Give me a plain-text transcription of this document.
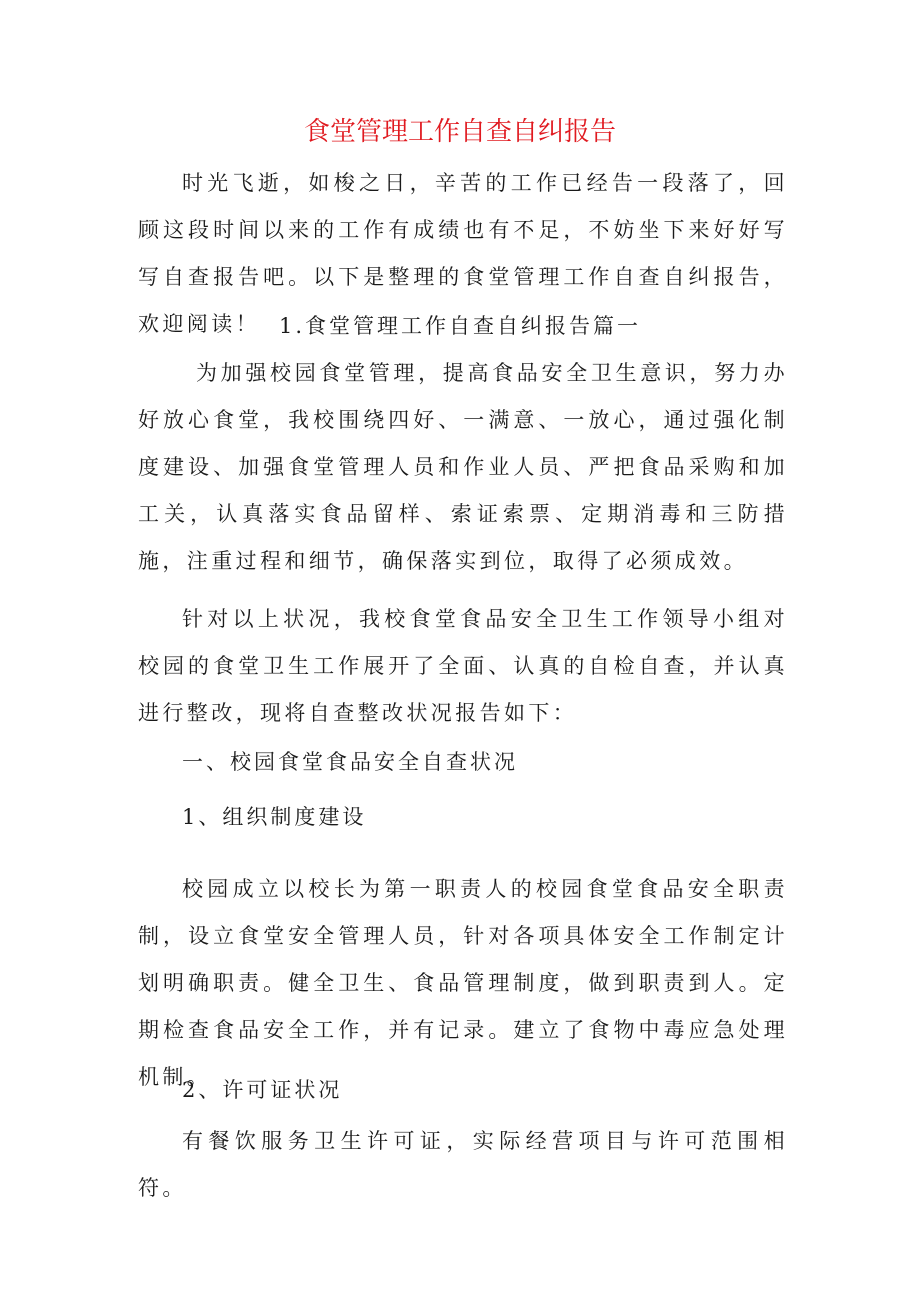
食堂管理工作自查自纠报告

时光飞逝，如梭之日，辛苦的工作已经告一段落了，回顾这段时间以来的工作有成绩也有不足，不妨坐下来好好写写自查报告吧。以下是整理的食堂管理工作自查自纠报告，欢迎阅读！ 1.食堂管理工作自查自纠报告篇一

为加强校园食堂管理，提高食品安全卫生意识，努力办好放心食堂，我校围绕四好、一满意、一放心，通过强化制度建设、加强食堂管理人员和作业人员、严把食品采购和加工关，认真落实食品留样、索证索票、定期消毒和三防措施，注重过程和细节，确保落实到位，取得了必须成效。

针对以上状况，我校食堂食品安全卫生工作领导小组对校园的食堂卫生工作展开了全面、认真的自检自查，并认真进行整改，现将自查整改状况报告如下：

一、校园食堂食品安全自查状况

1、组织制度建设

校园成立以校长为第一职责人的校园食堂食品安全职责制，设立食堂安全管理人员，针对各项具体安全工作制定计划明确职责。健全卫生、食品管理制度，做到职责到人。定期检查食品安全工作，并有记录。建立了食物中毒应急处理机制。

2、许可证状况

有餐饮服务卫生许可证，实际经营项目与许可范围相符。
